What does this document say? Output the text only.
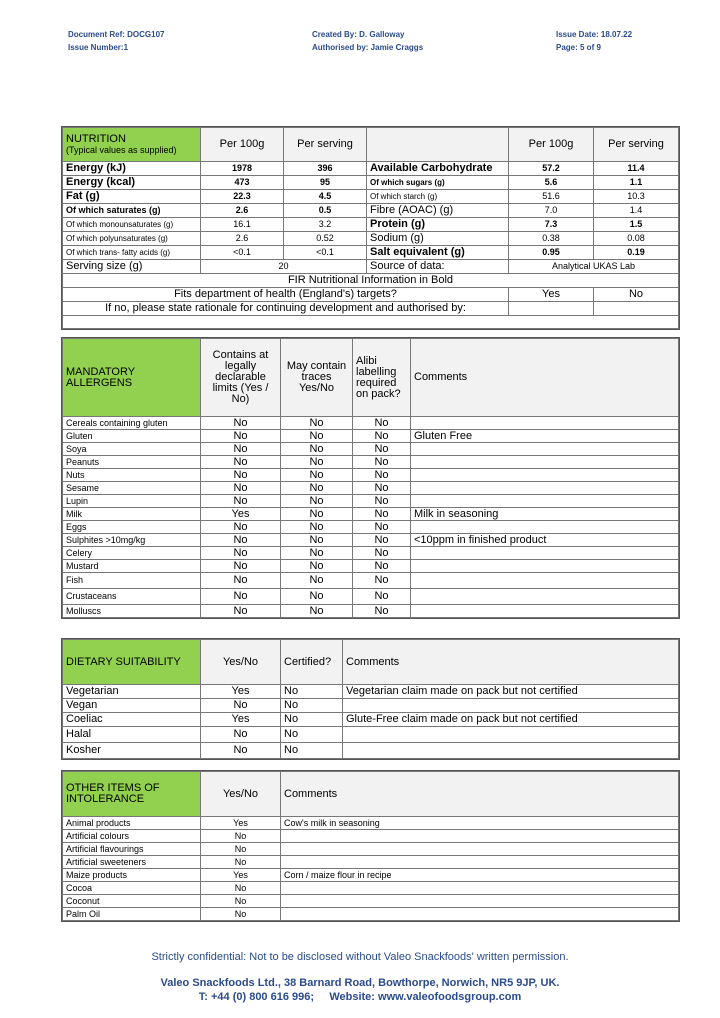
Document Ref: DOCG107
Issue Number:1
Created By: D. Galloway
Authorised by: Jamie Craggs
Issue Date: 18.07.22
Page: 5 of 9
NUTRITION
(Typical values as supplied)	Per 100g	Per serving		Per 100g	Per serving
Energy (kJ)	1978	396	Available Carbohydrate	57.2	11.4
Energy (kcal)	473	95	Of which sugars (g)	5.6	1.1
Fat (g)	22.3	4.5	Of which starch (g)	51.6	10.3
Of which saturates (g)	2.6	0.5	Fibre (AOAC) (g)	7.0	1.4
Of which monounsaturates (g)	16.1	3.2	Protein (g)	7.3	1.5
Of which polyunsaturates (g)	2.6	0.52	Sodium (g)	0.38	0.08
Of which trans- fatty acids (g)	<0.1	<0.1	Salt equivalent (g)	0.95	0.19
Serving size (g)	20		Source of data:	Analytical UKAS Lab	
FIR Nutritional Information in Bold					
Fits department of health (England's) targets?				Yes	No
If no, please state rationale for continuing development and authorised by:					

MANDATORY ALLERGENS	Contains at legally declarable limits (Yes / No)	May contain traces Yes/No	Alibi labelling required on pack?	Comments
Cereals containing gluten	No	No	No	
Gluten	No	No	No	Gluten Free
Soya	No	No	No	
Peanuts	No	No	No	
Nuts	No	No	No	
Sesame	No	No	No	
Lupin	No	No	No	
Milk	Yes	No	No	Milk in seasoning
Eggs	No	No	No	
Sulphites >10mg/kg	No	No	No	<10ppm in finished product
Celery	No	No	No	
Mustard	No	No	No	
Fish	No	No	No	
Crustaceans	No	No	No	
Molluscs	No	No	No	
DIETARY SUITABILITY	Yes/No	Certified?	Comments
Vegetarian	Yes	No	Vegetarian claim made on pack but not certified
Vegan	No	No	
Coeliac	Yes	No	Glute-Free claim made on pack but not certified
Halal	No	No	
Kosher	No	No	
OTHER ITEMS OF INTOLERANCE	Yes/No	Comments
Animal products	Yes	Cow's milk in seasoning
Artificial colours	No	
Artificial flavourings	No	
Artificial sweeteners	No	
Maize products	Yes	Corn / maize flour in recipe
Cocoa	No	
Coconut	No	
Palm Oil	No	
Strictly confidential: Not to be disclosed without Valeo Snackfoods' written permission.
Valeo Snackfoods Ltd., 38 Barnard Road, Bowthorpe, Norwich, NR5 9JP, UK.
T: +44 (0) 800 616 996;     Website: www.valeofoodsgroup.com
